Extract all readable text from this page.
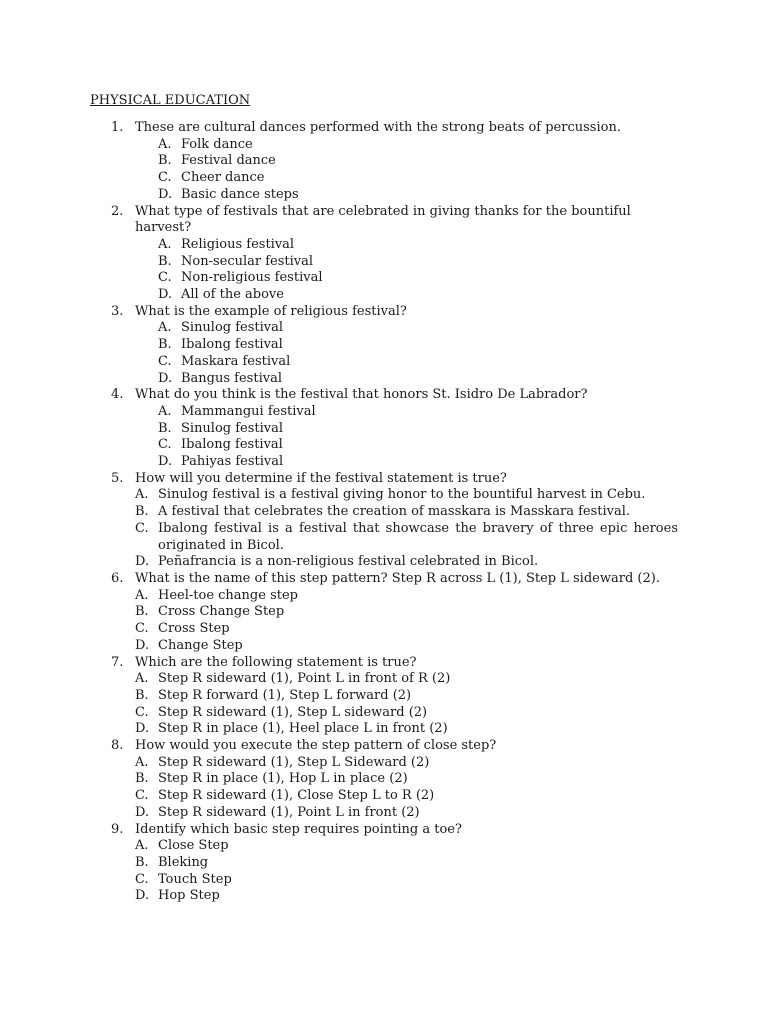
PHYSICAL EDUCATION
1. These are cultural dances performed with the strong beats of percussion.
A. Folk dance
B. Festival dance
C. Cheer dance
D. Basic dance steps
2. What type of festivals that are celebrated in giving thanks for the bountiful harvest?
A. Religious festival
B. Non-secular festival
C. Non-religious festival
D. All of the above
3. What is the example of religious festival?
A. Sinulog festival
B. Ibalong festival
C. Maskara festival
D. Bangus festival
4. What do you think is the festival that honors St. Isidro De Labrador?
A. Mammangui festival
B. Sinulog festival
C. Ibalong festival
D. Pahiyas festival
5. How will you determine if the festival statement is true?
A. Sinulog festival is a festival giving honor to the bountiful harvest in Cebu.
B. A festival that celebrates the creation of masskara is Masskara festival.
C. Ibalong festival is a festival that showcase the bravery of three epic heroes originated in Bicol.
D. Peñafrancia is a non-religious festival celebrated in Bicol.
6. What is the name of this step pattern? Step R across L (1), Step L sideward (2).
A. Heel-toe change step
B. Cross Change Step
C. Cross Step
D. Change Step
7. Which are the following statement is true?
A. Step R sideward (1), Point L in front of R (2)
B. Step R forward (1), Step L forward (2)
C. Step R sideward (1), Step L sideward (2)
D. Step R in place (1), Heel place L in front (2)
8. How would you execute the step pattern of close step?
A. Step R sideward (1), Step L Sideward (2)
B. Step R in place (1), Hop L in place (2)
C. Step R sideward (1), Close Step L to R (2)
D. Step R sideward (1), Point L in front (2)
9. Identify which basic step requires pointing a toe?
A. Close Step
B. Bleking
C. Touch Step
D. Hop Step
